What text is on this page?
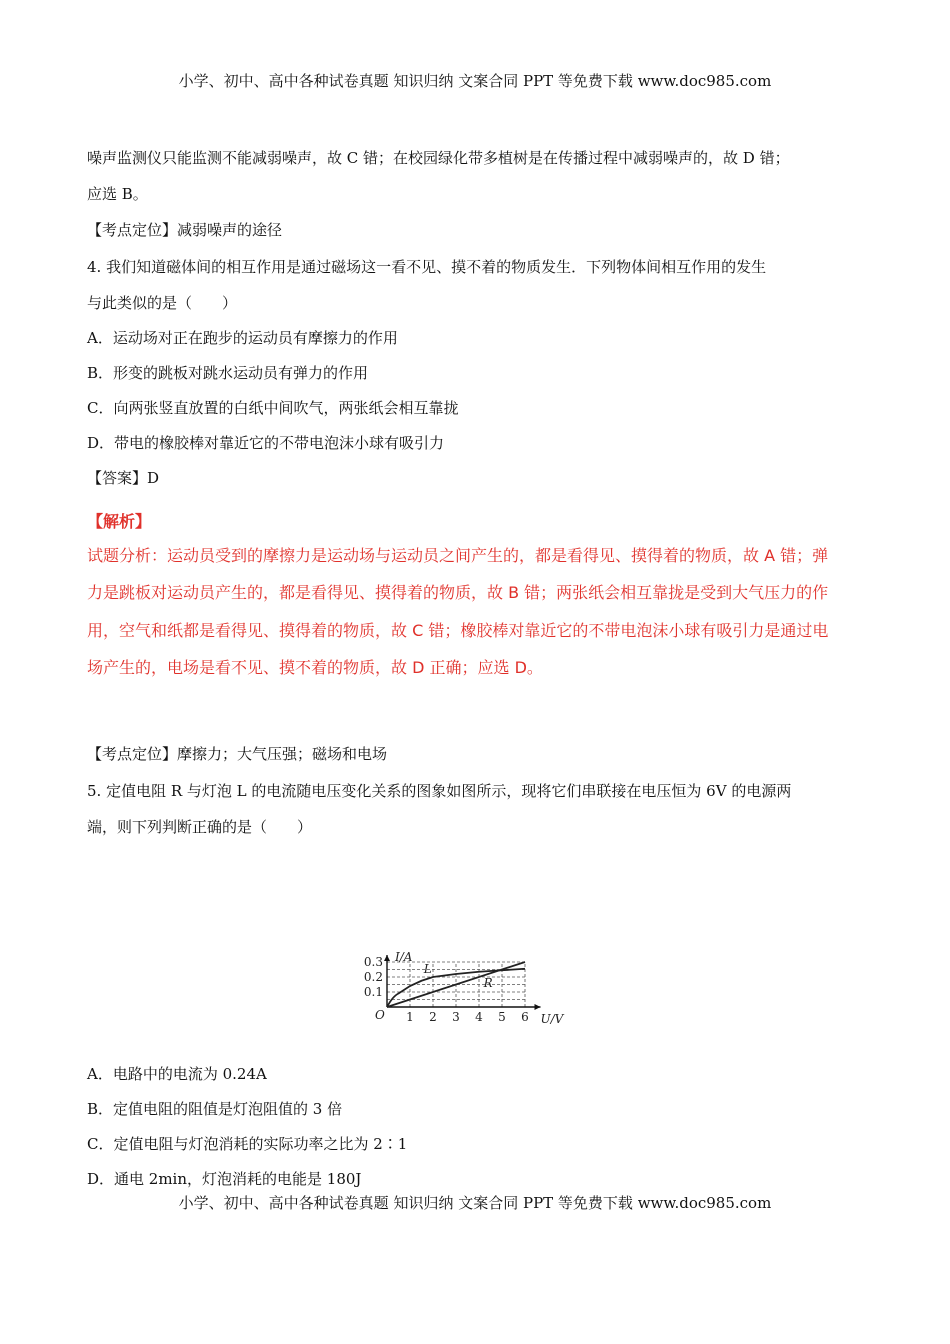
小学、初中、高中各种试卷真题 知识归纳 文案合同 PPT 等免费下载 www.doc985.com
噪声监测仪只能监测不能减弱噪声，故 C 错；在校园绿化带多植树是在传播过程中减弱噪声的，故 D 错；
应选 B。
【考点定位】减弱噪声的途径
4. 我们知道磁体间的相互作用是通过磁场这一看不见、摸不着的物质发生．下列物体间相互作用的发生
与此类似的是（　　）
A．运动场对正在跑步的运动员有摩擦力的作用
B．形变的跳板对跳水运动员有弹力的作用
C．向两张竖直放置的白纸中间吹气，两张纸会相互靠拢
D．带电的橡胶棒对靠近它的不带电泡沫小球有吸引力
【答案】D
【解析】
试题分析：运动员受到的摩擦力是运动场与运动员之间产生的，都是看得见、摸得着的物质，故 A 错；弹
力是跳板对运动员产生的，都是看得见、摸得着的物质，故 B 错；两张纸会相互靠拢是受到大气压力的作
用，空气和纸都是看得见、摸得着的物质，故 C 错；橡胶棒对靠近它的不带电泡沫小球有吸引力是通过电
场产生的，电场是看不见、摸不着的物质，故 D 正确；应选 D。
【考点定位】摩擦力；大气压强；磁场和电场
5. 定值电阻 R 与灯泡 L 的电流随电压变化关系的图象如图所示，现将它们串联接在电压恒为 6V 的电源两
端，则下列判断正确的是（　　）
L
R
1 2 3 4 5 6
0.1
0.2
0.3
O	U/V
I/A
A．电路中的电流为 0.24A
B．定值电阻的阻值是灯泡阻值的 3 倍
C．定值电阻与灯泡消耗的实际功率之比为 2∶1
D．通电 2min，灯泡消耗的电能是 180J
小学、初中、高中各种试卷真题 知识归纳 文案合同 PPT 等免费下载 www.doc985.com
